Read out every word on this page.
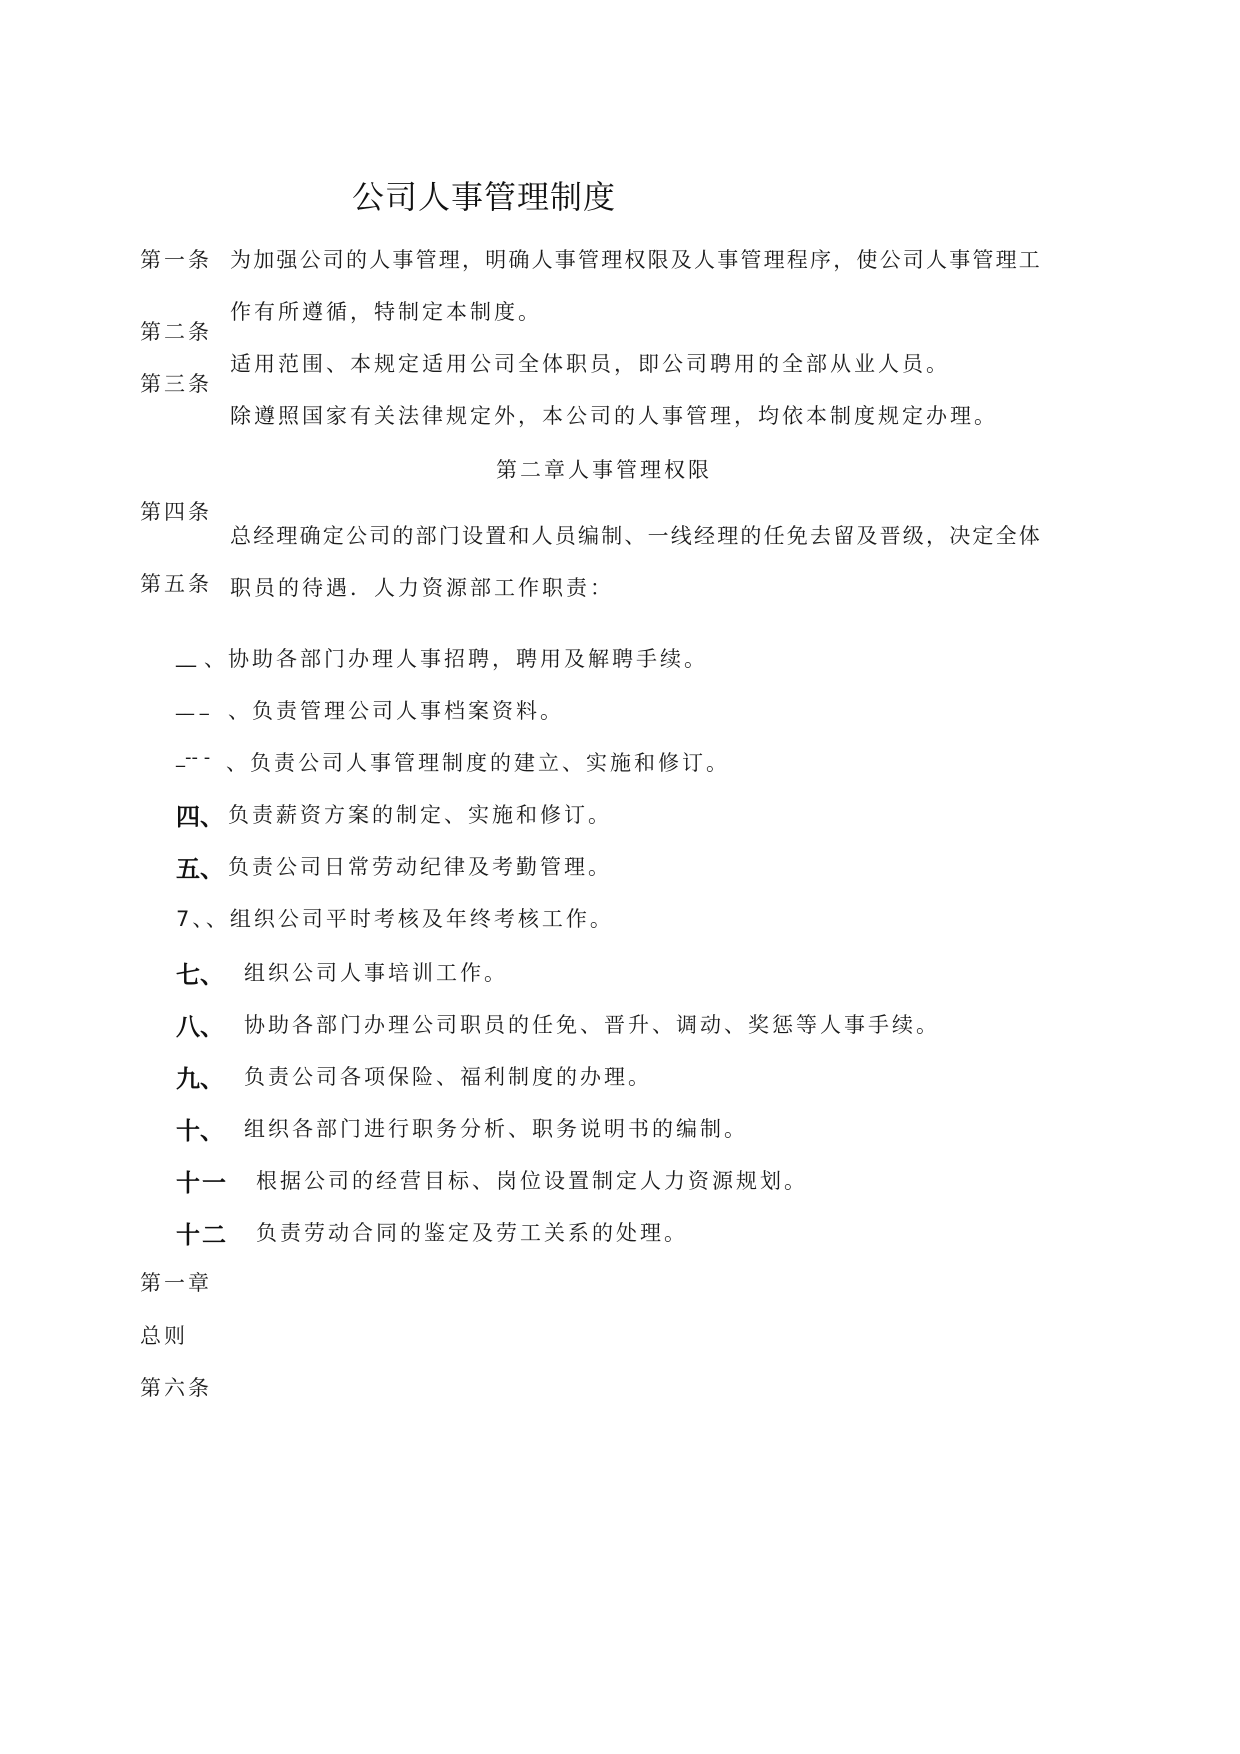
公司人事管理制度
第一条
第二条
第三条
第四条
第五条
为加强公司的人事管理，明确人事管理权限及人事管理程序，使公司人事管理工
作有所遵循，特制定本制度。
适用范围、本规定适用公司全体职员，即公司聘用的全部从业人员。
除遵照国家有关法律规定外，本公司的人事管理，均依本制度规定办理。
第二章人事管理权限
总经理确定公司的部门设置和人员编制、一线经理的任免去留及晋级，决定全体
职员的待遇．人力资源部工作职责：
__ 、协助各部门办理人事招聘，聘用及解聘手续。
__ _ 、负责管理公司人事档案资料。
_-- - 、负责公司人事管理制度的建立、实施和修订。
四、 负责薪资方案的制定、实施和修订。
五、 负责公司日常劳动纪律及考勤管理。
7、、组织公司平时考核及年终考核工作。
七、 组织公司人事培训工作。
八、 协助各部门办理公司职员的任免、晋升、调动、奖惩等人事手续。
九、 负责公司各项保险、福利制度的办理。
十、 组织各部门进行职务分析、职务说明书的编制。
十一 根据公司的经营目标、岗位设置制定人力资源规划。
十二 负责劳动合同的鉴定及劳工关系的处理。
第一章
总则
第六条
